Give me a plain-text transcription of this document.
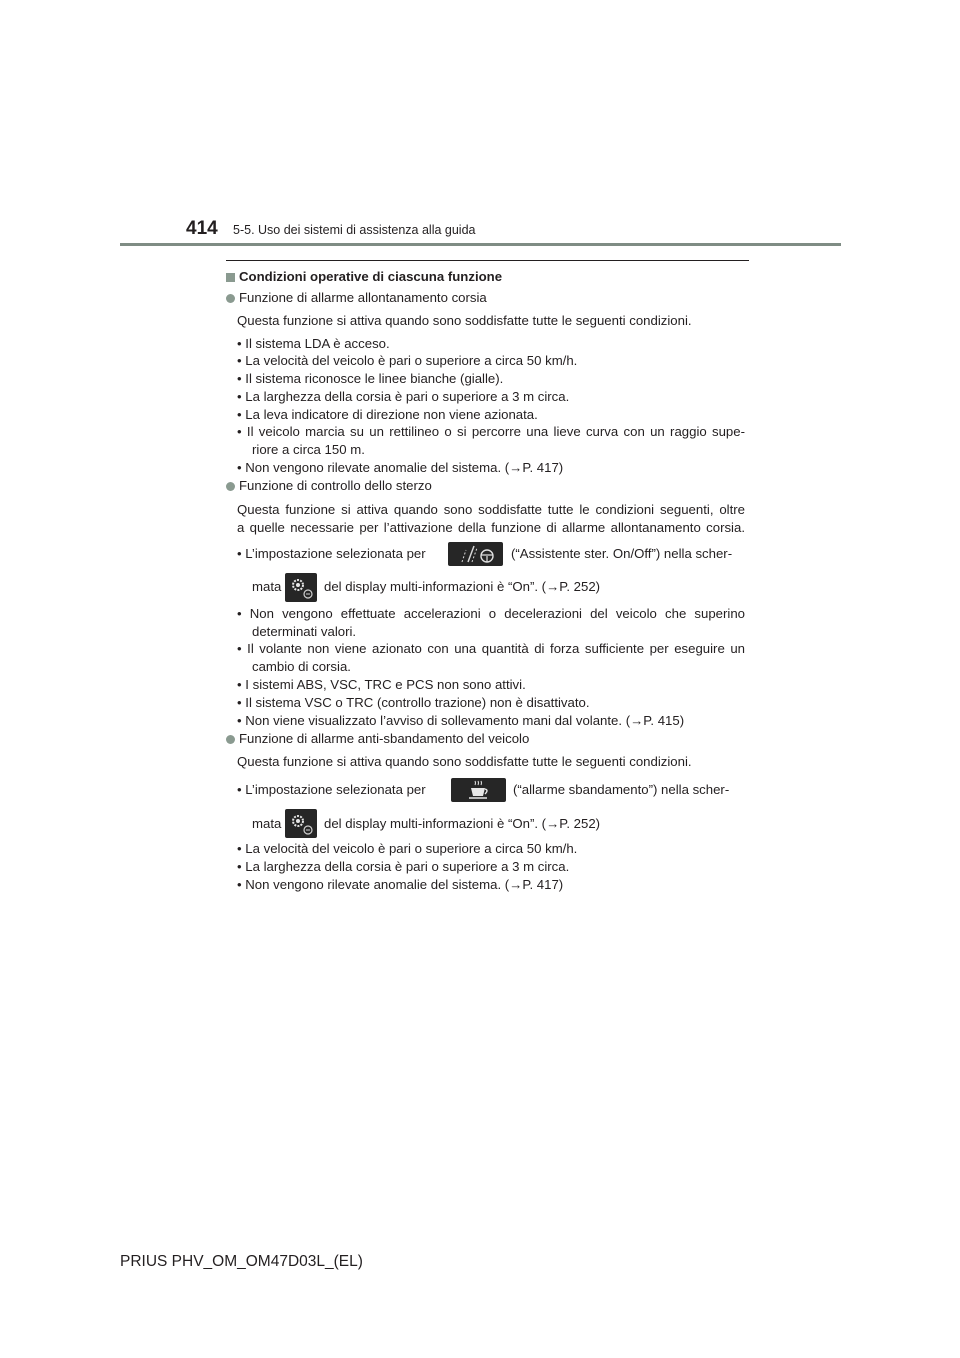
414 5-5. Uso dei sistemi di assistenza alla guida
Condizioni operative di ciascuna funzione
Funzione di allarme allontanamento corsia
Questa funzione si attiva quando sono soddisfatte tutte le seguenti condizioni.
• Il sistema LDA è acceso.
• La velocità del veicolo è pari o superiore a circa 50 km/h.
• Il sistema riconosce le linee bianche (gialle).
• La larghezza della corsia è pari o superiore a 3 m circa.
• La leva indicatore di direzione non viene azionata.
• Il veicolo marcia su un rettilineo o si percorre una lieve curva con un raggio supe-
riore a circa 150 m.
• Non vengono rilevate anomalie del sistema. (→P. 417)
Funzione di controllo dello sterzo
Questa funzione si attiva quando sono soddisfatte tutte le condizioni seguenti, oltre
a quelle necessarie per l’attivazione della funzione di allarme allontanamento corsia.
• L’impostazione selezionata per	(“Assistente ster. On/Off”) nella scher-
mata	del display multi-informazioni è “On”. (→P. 252)
• Non vengono effettuate accelerazioni o decelerazioni del veicolo che superino
determinati valori.
• Il volante non viene azionato con una quantità di forza sufficiente per eseguire un
cambio di corsia.
• I sistemi ABS, VSC, TRC e PCS non sono attivi.
• Il sistema VSC o TRC (controllo trazione) non è disattivato.
• Non viene visualizzato l’avviso di sollevamento mani dal volante. (→P. 415)
Funzione di allarme anti-sbandamento del veicolo
Questa funzione si attiva quando sono soddisfatte tutte le seguenti condizioni.
• L’impostazione selezionata per	(“allarme sbandamento”) nella scher-
mata	del display multi-informazioni è “On”. (→P. 252)
• La velocità del veicolo è pari o superiore a circa 50 km/h.
• La larghezza della corsia è pari o superiore a 3 m circa.
• Non vengono rilevate anomalie del sistema. (→P. 417)
PRIUS PHV_OM_OM47D03L_(EL)
